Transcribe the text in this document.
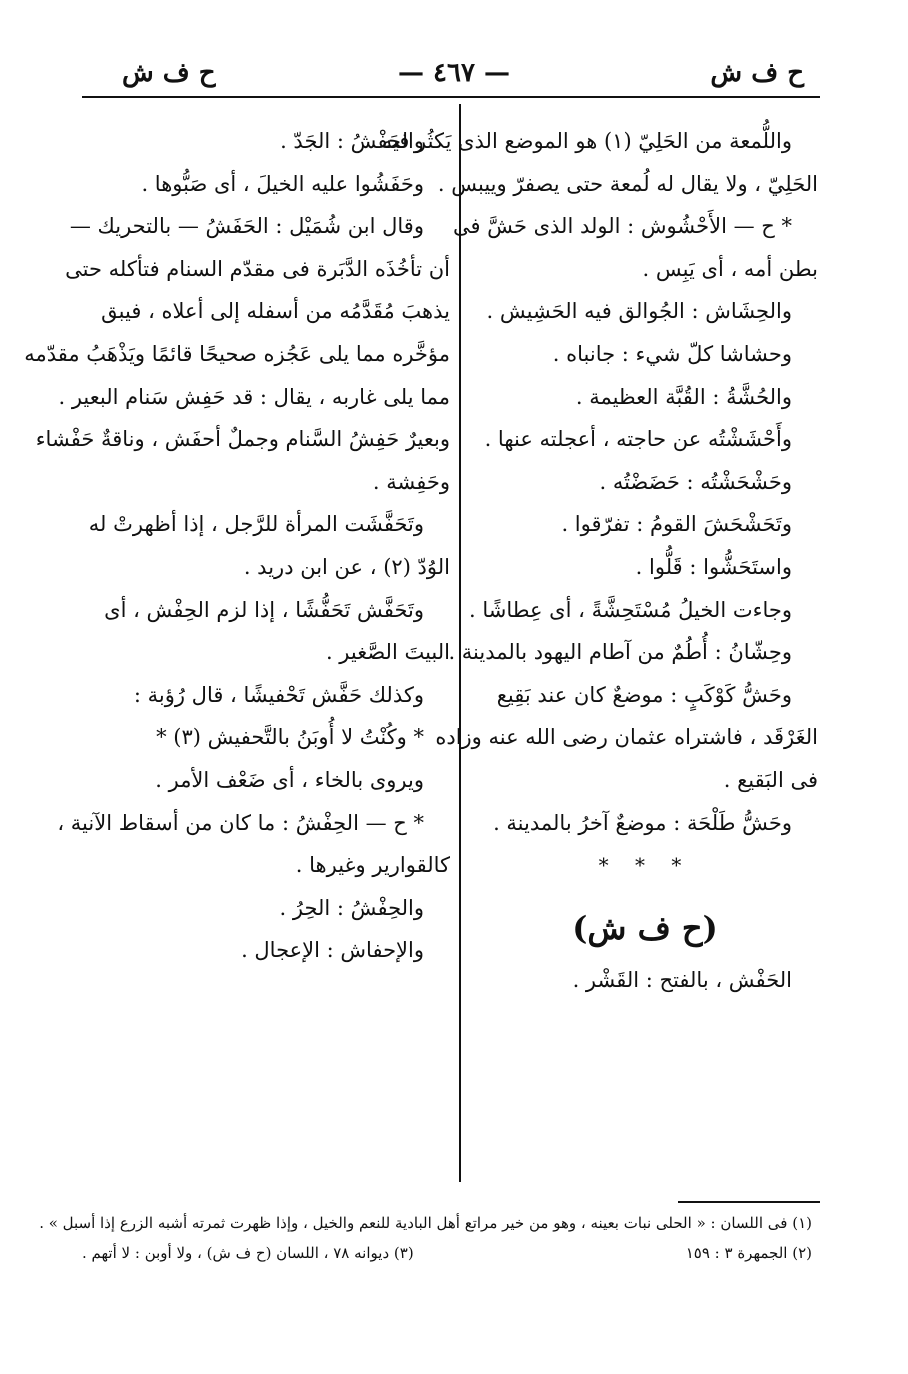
ح ف ش
— ٤٦٧ —
ح ف ش
واللُّمعة من الحَلِيّ (١) هو الموضع الذى يَكثُر فيه
الحَلِيّ ، ولا يقال له لُمعة حتى يصفرّ وييبس .
* ح — الأَحْشُوش : الولد الذى حَشَّ فى
بطن أمه ، أى يَبِس .
والحِشَاش : الجُوالق فيه الحَشِيش .
وحشاشا كلّ شيء : جانباه .
والحُشَّةُ : القُبَّة العظيمة .
وأَحْشَشْتُه عن حاجته ، أعجلته عنها .
وحَشْحَشْتُه : حَضَضْتُه .
وتَحَشْحَشَ القومُ : تفرّقوا .
واستَحَشُّوا : قَلُّوا .
وجاءت الخيلُ مُسْتَحِشَّةً ، أى عِطاشًا .
وحِشّانُ : أُطُمٌ من آطام اليهود بالمدينة .
وحَشُّ كَوْكَبٍ : موضعٌ كان عند بَقِيع
الغَرْقَد ، فاشتراه عثمان رضى الله عنه وزاده
فى البَقيع .
وحَشُّ طَلْحَة : موضعٌ آخرُ بالمدينة .
* * *
(ح ف ش)
الحَفْش ، بالفتح : القَشْر .
والحَفْشُ : الجَدّ .
وحَفَشُوا عليه الخيلَ ، أى صَبُّوها .
وقال ابن شُمَيْل : الحَفَشُ — بالتحريك —
أن تأخُذَه الدَّبَرة فى مقدّم السنام فتأكله حتى
يذهبَ مُقَدَّمُه من أسفله إلى أعلاه ، فيبق
مؤخَّره مما يلى عَجُزه صحيحًا قائمًا ويَذْهَبُ مقدّمه
مما يلى غاربه ، يقال : قد حَفِش سَنام البعير .
وبعيرٌ حَفِشُ السَّنام وجملٌ أحفَش ، وناقةٌ حَفْشاء
وحَفِشة .
وتَحَفَّشَت المرأة للرَّجل ، إذا أظهرتْ له
الوُدّ (٢) ، عن ابن دريد .
وتَحَفَّش تَحَفُّشًا ، إذا لزم الحِفْش ، أى
البيتَ الصَّغير .
وكذلك حَفَّش تَحْفيشًا ، قال رُؤبة :
* وكُنْتُ لا أُوبَنُ بالتَّحفيش (٣) *
ويروى بالخاء ، أى ضَعْف الأمر .
* ح — الحِفْشُ : ما كان من أسقاط الآنية ،
كالقوارير وغيرها .
والحِفْشُ : الحِرُ .
والإحفاش : الإعجال .
(١) فى اللسان : « الحلى نبات بعينه ، وهو من خير مراتع أهل البادية للنعم والخيل ، وإذا ظهرت ثمرته أشبه الزرع إذا أسبل » .
(٢) الجمهرة ٣ : ١٥٩
(٣) ديوانه ٧٨ ، اللسان (ح ف ش) ، ولا أوبن : لا أتهم .
